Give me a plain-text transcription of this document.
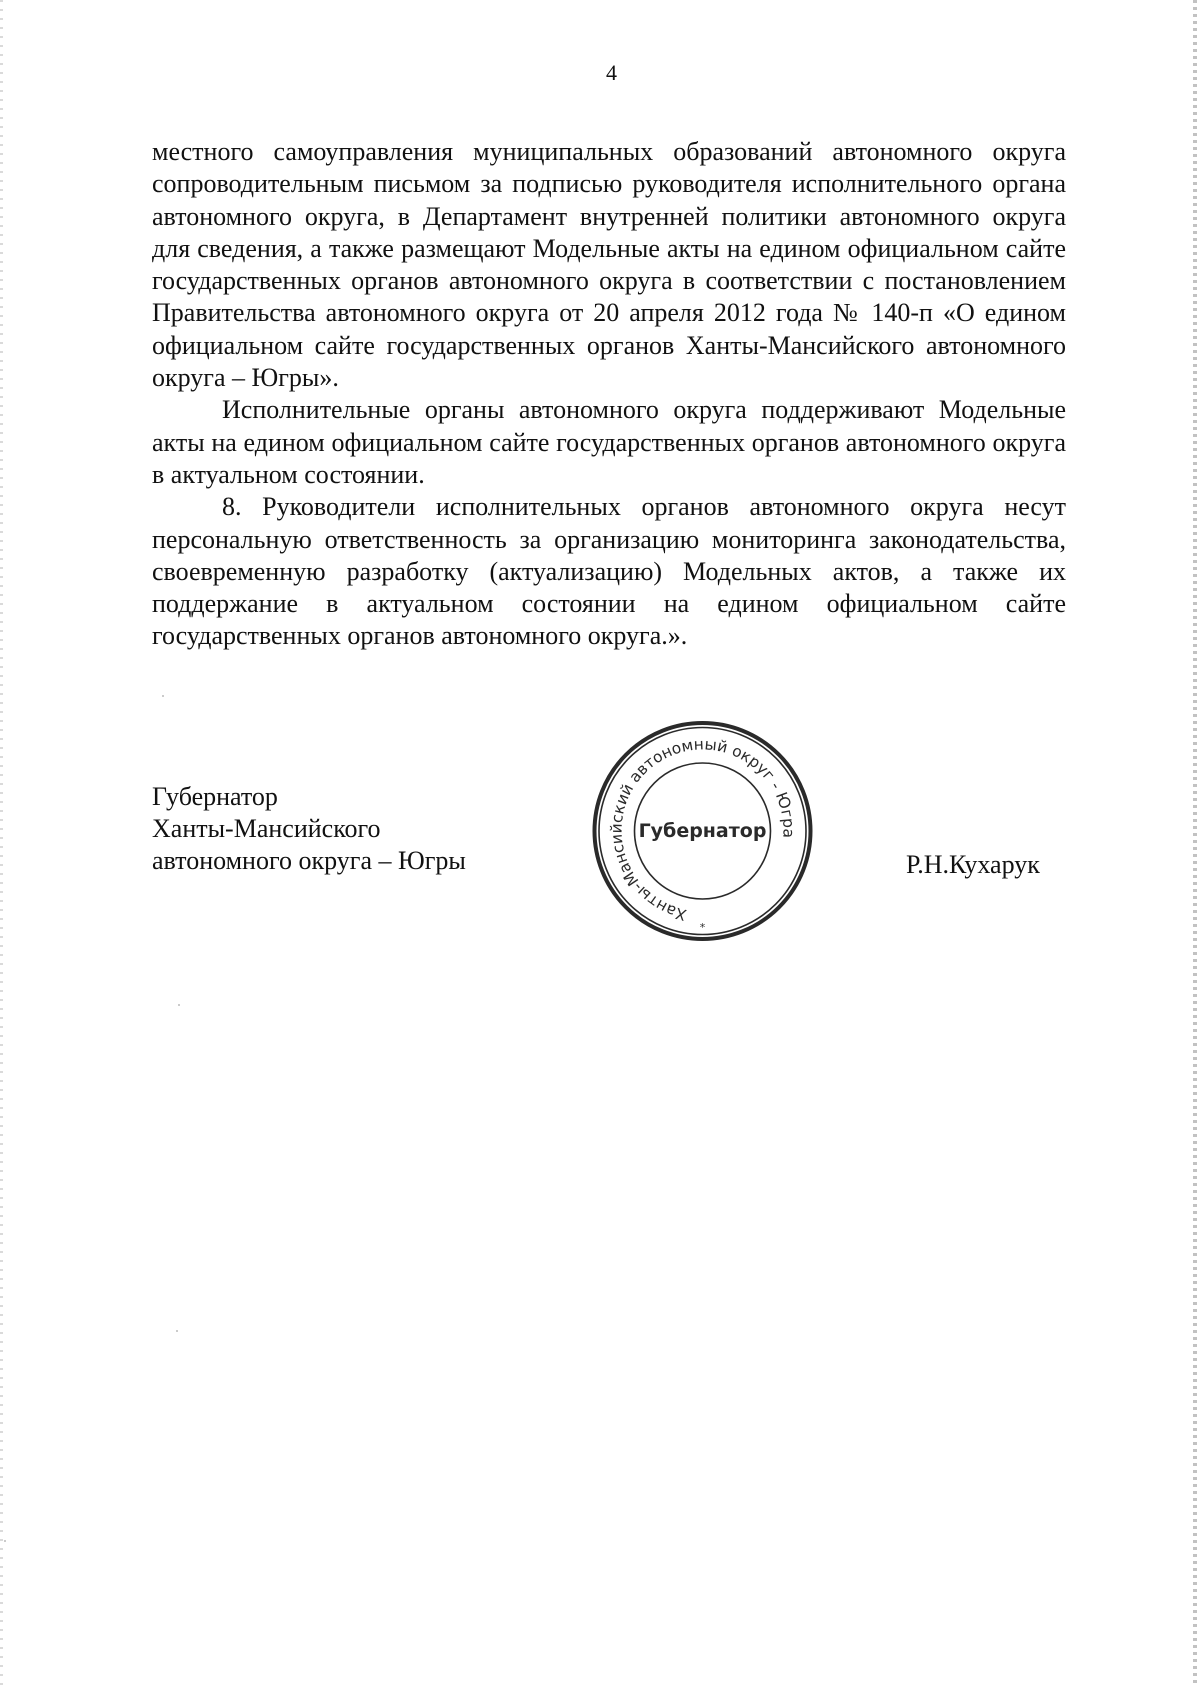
4

местного самоуправления муниципальных образований автономного округа сопроводительным письмом за подписью руководителя исполнительного органа автономного округа, в Департамент внутренней политики автономного округа для сведения, а также размещают Модельные акты на едином официальном сайте государственных органов автономного округа в соответствии с постановлением Правительства автономного округа от 20 апреля 2012 года № 140-п «О едином официальном сайте государственных органов Ханты-Мансийского автономного округа – Югры».

Исполнительные органы автономного округа поддерживают Модельные акты на едином официальном сайте государственных органов автономного округа в актуальном состоянии.

8. Руководители исполнительных органов автономного округа несут персональную ответственность за организацию мониторинга законодательства, своевременную разработку (актуализацию) Модельных актов, а также их поддержание в актуальном состоянии на едином официальном сайте государственных органов автономного округа.».

Губернатор
Ханты-Мансийского
автономного округа – Югры
Ханты-Мансийский автономный округ - Югра
Губернатор
*
Р.Н.Кухарук
